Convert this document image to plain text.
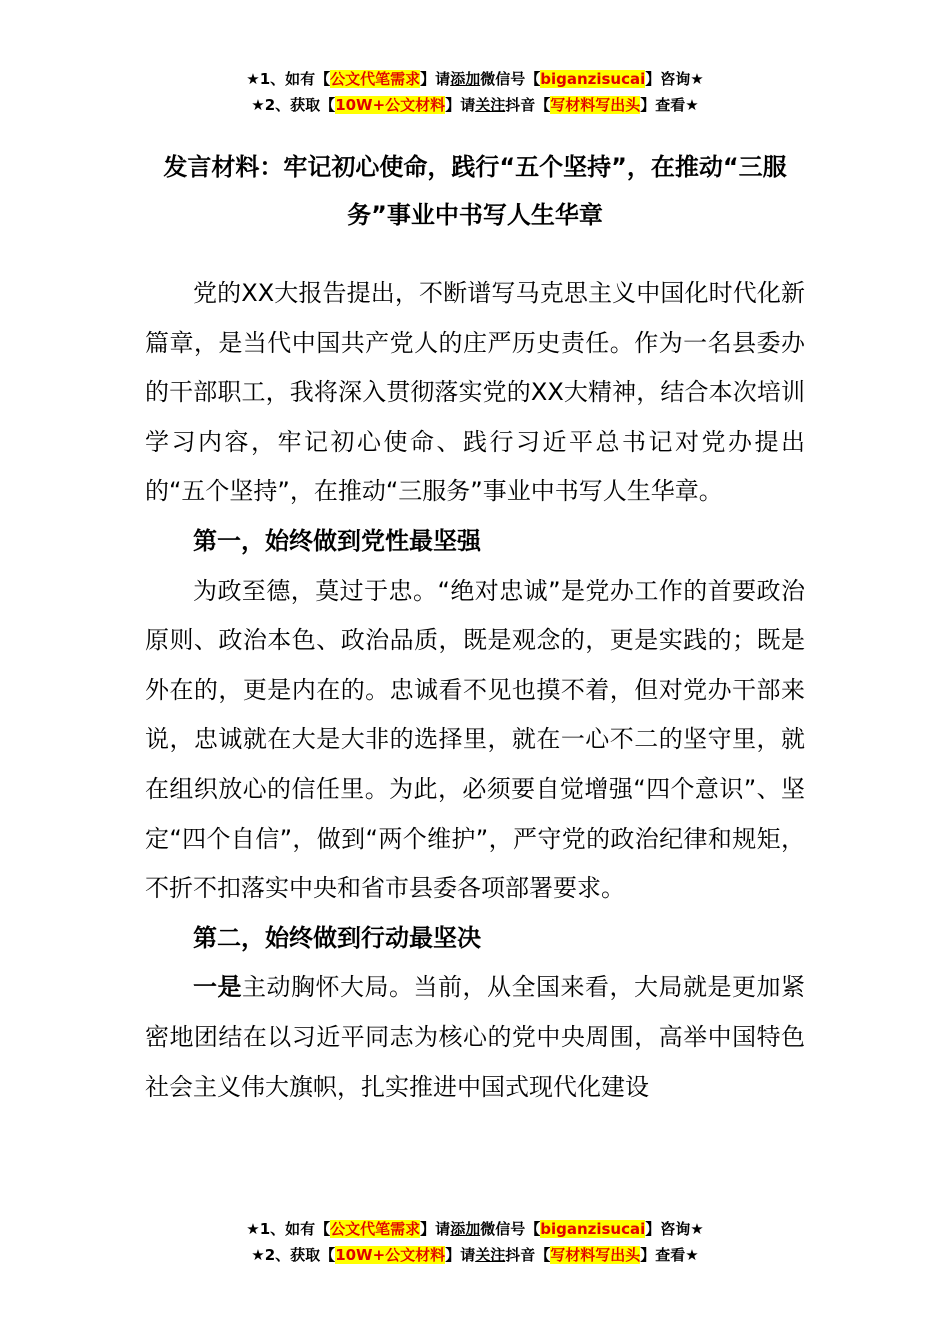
★1、如有【公文代笔需求】请添加微信号【biganzisucai】咨询★
★2、获取【10W+公文材料】请关注抖音【写材料写出头】查看★
发言材料：牢记初心使命，践行“五个坚持”，在推动“三服务”事业中书写人生华章

党的XX大报告提出，不断谱写马克思主义中国化时代化新篇章，是当代中国共产党人的庄严历史责任。作为一名县委办的干部职工，我将深入贯彻落实党的XX大精神，结合本次培训学习内容，牢记初心使命、践行习近平总书记对党办提出的“五个坚持”，在推动“三服务”事业中书写人生华章。

第一，始终做到党性最坚强

为政至德，莫过于忠。“绝对忠诚”是党办工作的首要政治原则、政治本色、政治品质，既是观念的，更是实践的；既是外在的，更是内在的。忠诚看不见也摸不着，但对党办干部来说，忠诚就在大是大非的选择里，就在一心不二的坚守里，就在组织放心的信任里。为此，必须要自觉增强“四个意识”、坚定“四个自信”，做到“两个维护”，严守党的政治纪律和规矩，不折不扣落实中央和省市县委各项部署要求。

第二，始终做到行动最坚决

一是主动胸怀大局。当前，从全国来看，大局就是更加紧密地团结在以习近平同志为核心的党中央周围，高举中国特色社会主义伟大旗帜，扎实推进中国式现代化建设

★1、如有【公文代笔需求】请添加微信号【biganzisucai】咨询★
★2、获取【10W+公文材料】请关注抖音【写材料写出头】查看★
